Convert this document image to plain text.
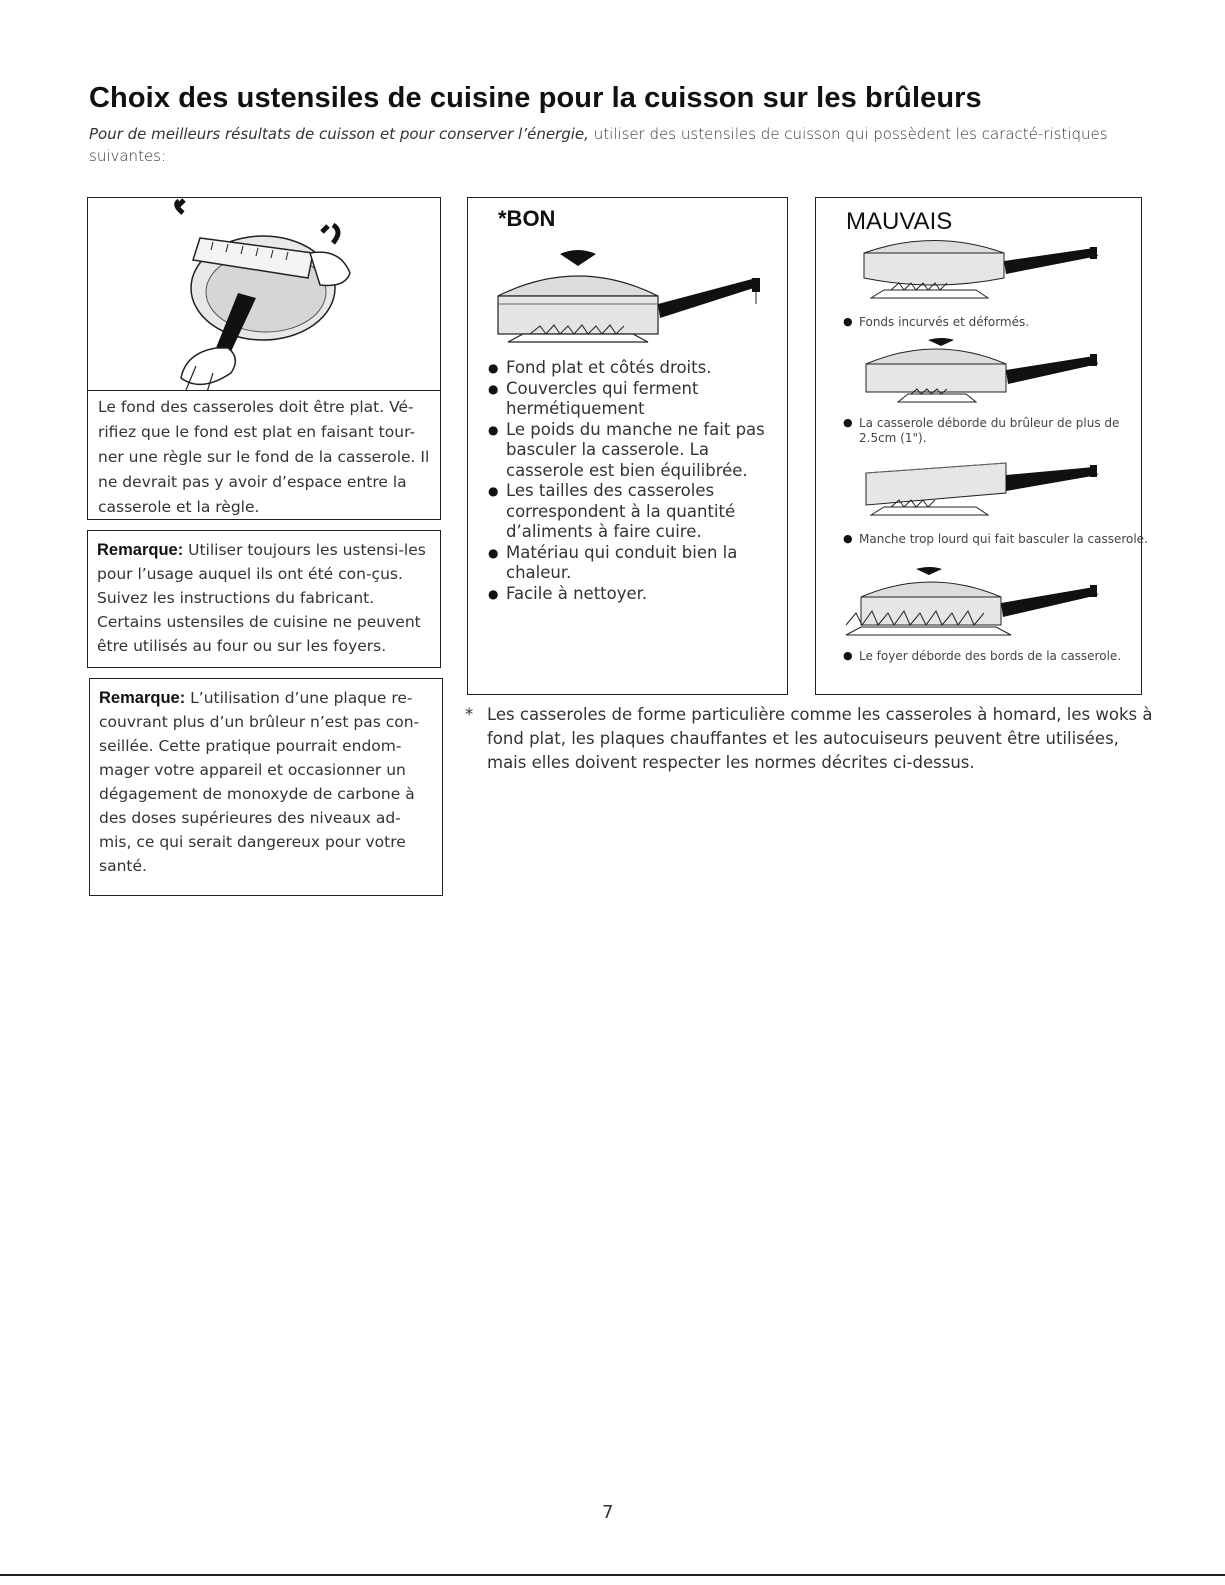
Choix des ustensiles de cuisine pour la cuisson sur les brûleurs
Pour de meilleurs résultats de cuisson et pour conserver l’énergie, utiliser des ustensiles de cuisson qui possèdent les caracté-ristiques suivantes:
Le fond des casseroles doit être plat. Vé-rifiez que le fond est plat en faisant tour-ner une règle sur le fond de la casserole. Il ne devrait pas y avoir d’espace entre la casserole et la règle.
Remarque: Utiliser toujours les ustensi-les pour l’usage auquel ils ont été con-çus. Suivez les instructions du fabricant. Certains ustensiles de cuisine ne peuvent être utilisés au four ou sur les foyers.
Remarque: L’utilisation d’une plaque re-couvrant plus d’un brûleur n’est pas con-seillée. Cette pratique pourrait endom-mager votre appareil et occasionner un dégagement de monoxyde de carbone à des doses supérieures des niveaux ad-mis, ce qui serait dangereux pour votre santé.
*BON
● Fond plat et côtés droits.
● Couvercles qui ferment hermétiquement
● Le poids du manche ne fait pas basculer la casserole. La casserole est bien équilibrée.
● Les tailles des casseroles correspondent à la quantité d’aliments à faire cuire.
● Matériau qui conduit bien la chaleur.
● Facile à nettoyer.
MAUVAIS
● Fonds incurvés et déformés.
● La casserole déborde du brûleur de plus de 2.5cm (1").
● Manche trop lourd qui fait basculer la casserole.
● Le foyer déborde des bords de la casserole.
* Les casseroles de forme particulière comme les casseroles à homard, les woks à fond plat, les plaques chauffantes et les autocuiseurs peuvent être utilisées, mais elles doivent respecter les normes décrites ci-dessus.
7
